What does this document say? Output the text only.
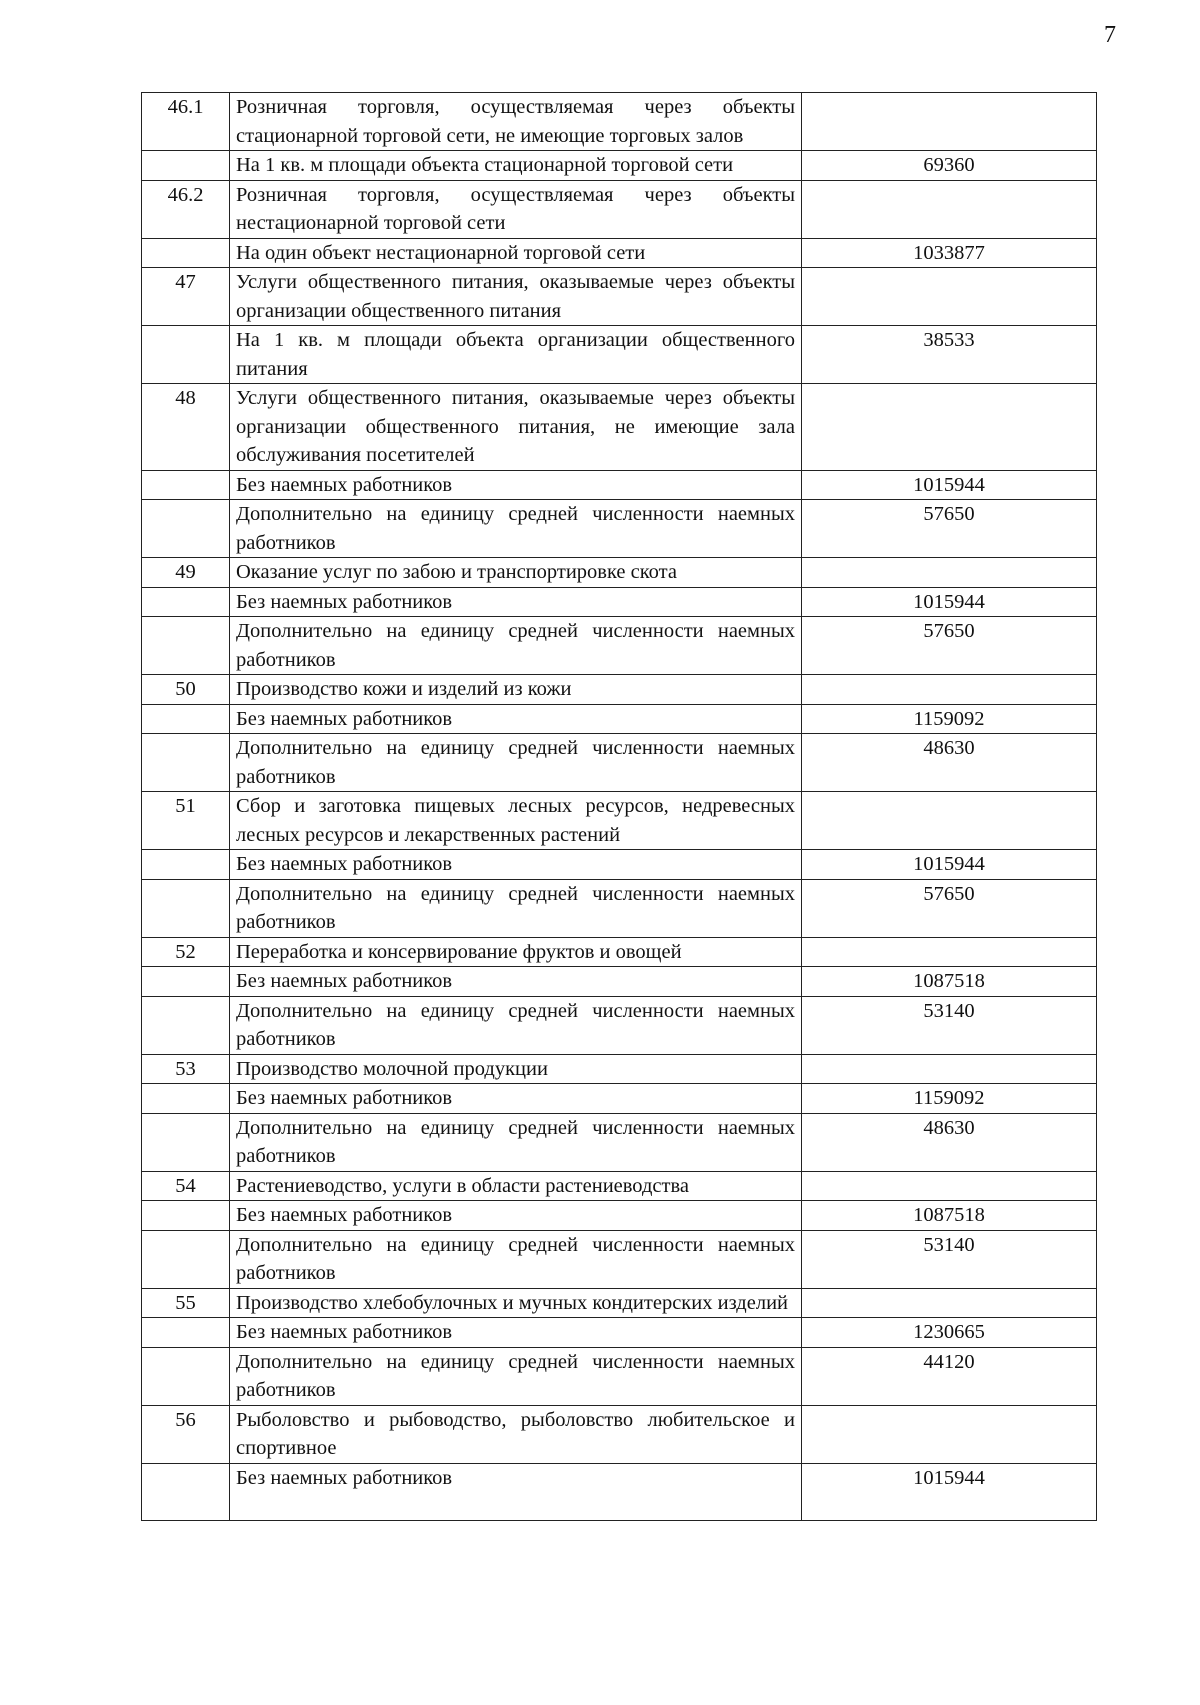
7
46.1	Розничная торговля, осуществляемая через объекты стационарной торговой сети, не имеющие торговых залов	
	На 1 кв. м площади объекта стационарной торговой сети	69360
46.2	Розничная торговля, осуществляемая через объекты нестационарной торговой сети	
	На один объект нестационарной торговой сети	1033877
47	Услуги общественного питания, оказываемые через объекты организации общественного питания	
	На 1 кв. м площади объекта организации общественного питания	38533
48	Услуги общественного питания, оказываемые через объекты организации общественного питания, не имеющие зала обслуживания посетителей	
	Без наемных работников	1015944
	Дополнительно на единицу средней численности наемных работников	57650
49	Оказание услуг по забою и транспортировке скота	
	Без наемных работников	1015944
	Дополнительно на единицу средней численности наемных работников	57650
50	Производство кожи и изделий из кожи	
	Без наемных работников	1159092
	Дополнительно на единицу средней численности наемных работников	48630
51	Сбор и заготовка пищевых лесных ресурсов, недревесных лесных ресурсов и лекарственных растений	
	Без наемных работников	1015944
	Дополнительно на единицу средней численности наемных работников	57650
52	Переработка и консервирование фруктов и овощей	
	Без наемных работников	1087518
	Дополнительно на единицу средней численности наемных работников	53140
53	Производство молочной продукции	
	Без наемных работников	1159092
	Дополнительно на единицу средней численности наемных работников	48630
54	Растениеводство, услуги в области растениеводства	
	Без наемных работников	1087518
	Дополнительно на единицу средней численности наемных работников	53140
55	Производство хлебобулочных и мучных кондитерских изделий	
	Без наемных работников	1230665
	Дополнительно на единицу средней численности наемных работников	44120
56	Рыболовство и рыбоводство, рыболовство любительское и спортивное	
	Без наемных работников	1015944
